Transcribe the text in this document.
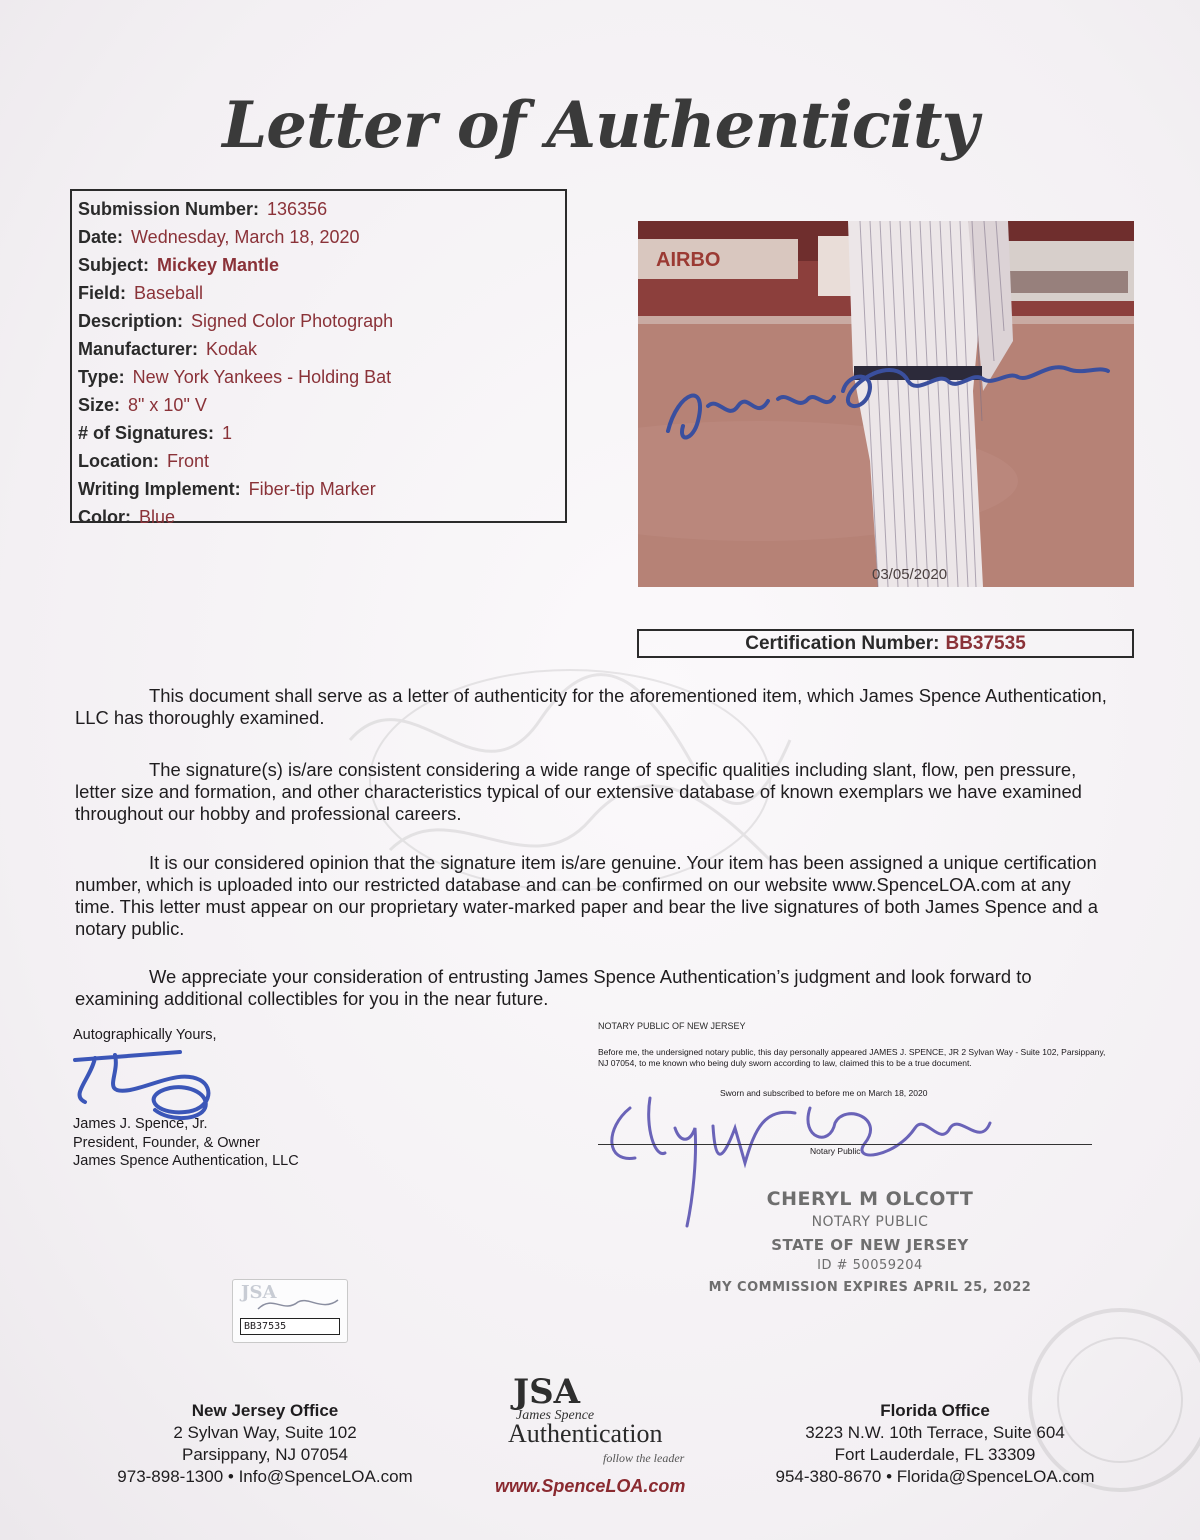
Letter of Authenticity
Submission Number: 136356
Date: Wednesday, March 18, 2020
Subject: Mickey Mantle
Field: Baseball
Description: Signed Color Photograph
Manufacturer: Kodak
Type: New York Yankees - Holding Bat
Size: 8" x 10" V
# of Signatures: 1
Location: Front
Writing Implement: Fiber-tip Marker
Color: Blue
AIRBO
03/05/2020
Certification Number: BB37535

This document shall serve as a letter of authenticity for the aforementioned item, which James Spence Authentication, LLC has thoroughly examined.

The signature(s) is/are consistent considering a wide range of specific qualities including slant, flow, pen pressure, letter size and formation, and other characteristics typical of our extensive database of known exemplars we have examined throughout our hobby and professional careers.

It is our considered opinion that the signature item is/are genuine. Your item has been assigned a unique certification number, which is uploaded into our restricted database and can be confirmed on our website www.SpenceLOA.com at any time. This letter must appear on our proprietary water-marked paper and bear the live signatures of both James Spence and a notary public.

We appreciate your consideration of entrusting James Spence Authentication’s judgment and look forward to examining additional collectibles for you in the near future.

Autographically Yours,
James J. Spence, Jr.
President, Founder, & Owner
James Spence Authentication, LLC
NOTARY PUBLIC OF NEW JERSEY

Before me, the undersigned notary public, this day personally appeared JAMES J. SPENCE, JR 2 Sylvan Way - Suite 102, Parsippany, NJ 07054, to me known who being duly sworn according to law, claimed this to be a true document.

Sworn and subscribed to before me on March 18, 2020
Notary Public
CHERYL M OLCOTT
NOTARY PUBLIC
STATE OF NEW JERSEY
ID # 50059204
MY COMMISSION EXPIRES APRIL 25, 2022
JSA
BB37535
New Jersey Office
2 Sylvan Way, Suite 102
Parsippany, NJ 07054
973-898-1300 • Info@SpenceLOA.com
JSA
James Spence
Authentication
follow the leader
www.SpenceLOA.com
Florida Office
3223 N.W. 10th Terrace, Suite 604
Fort Lauderdale, FL 33309
954-380-8670 • Florida@SpenceLOA.com
